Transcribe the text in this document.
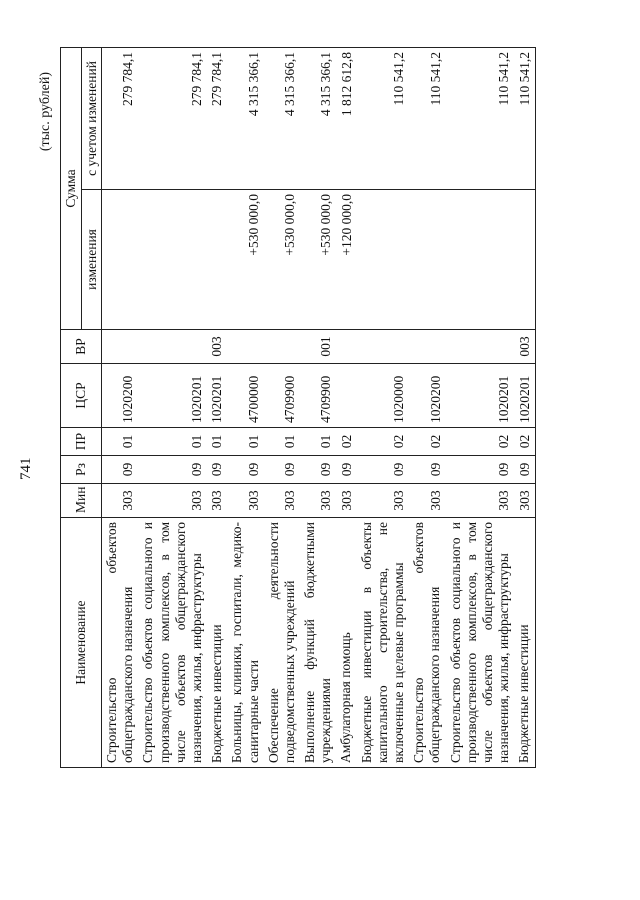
741
(тыс. рублей)
Наименование	Мин	Рз	ПР	ЦСР	ВР	Сумма	
						изменения	с учетом изменений
Строительство объектов общегражданского назначения	303	09	01	1020200			279 784,1
Строительство объектов социального и производственного комплексов, в том числе объектов общегражданского назначения, жилья, инфраструктуры	303	09	01	1020201			279 784,1
Бюджетные инвестиции	303	09	01	1020201	003		279 784,1
Больницы, клиники, госпитали, медико-санитарные части	303	09	01	4700000		+530 000,0	4 315 366,1
Обеспечение деятельности подведомственных учреждений	303	09	01	4709900		+530 000,0	4 315 366,1
Выполнение функций бюджетными учреждениями	303	09	01	4709900	001	+530 000,0	4 315 366,1
Амбулаторная помощь	303	09	02			+120 000,0	1 812 612,8
Бюджетные инвестиции в объекты капитального строительства, не включенные в целевые программы	303	09	02	1020000			110 541,2
Строительство объектов общегражданского назначения	303	09	02	1020200			110 541,2
Строительство объектов социального и производственного комплексов, в том числе объектов общегражданского назначения, жилья, инфраструктуры	303	09	02	1020201			110 541,2
Бюджетные инвестиции	303	09	02	1020201	003		110 541,2
